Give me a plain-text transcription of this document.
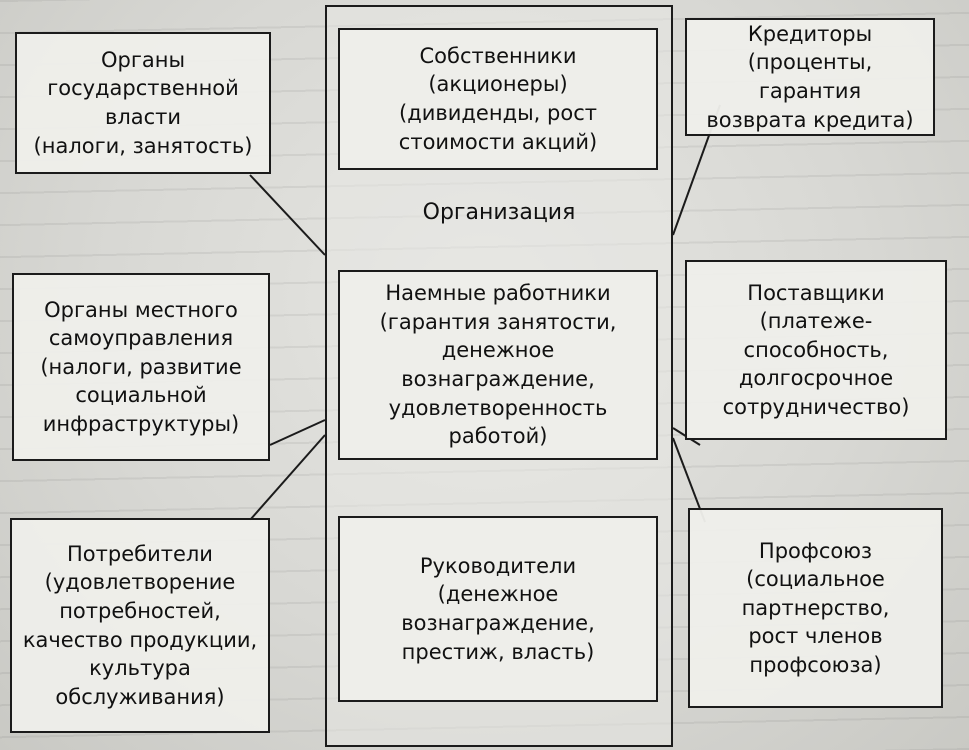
Организация
Органы
государственной
власти
(налоги, занятость)
Органы местного
самоуправления
(налоги, развитие
социальной
инфраструктуры)
Потребители
(удовлетворение
потребностей,
качество продукции,
культура
обслуживания)
Собственники
(акционеры)
(дивиденды, рост
стоимости акций)
Наемные работники
(гарантия занятости,
денежное
вознаграждение,
удовлетворенность
работой)
Руководители
(денежное
вознаграждение,
престиж, власть)
Кредиторы
(проценты, гарантия
возврата кредита)
Поставщики
(платеже-
способность,
долгосрочное
сотрудничество)
Профсоюз
(социальное
партнерство,
рост членов
профсоюза)
